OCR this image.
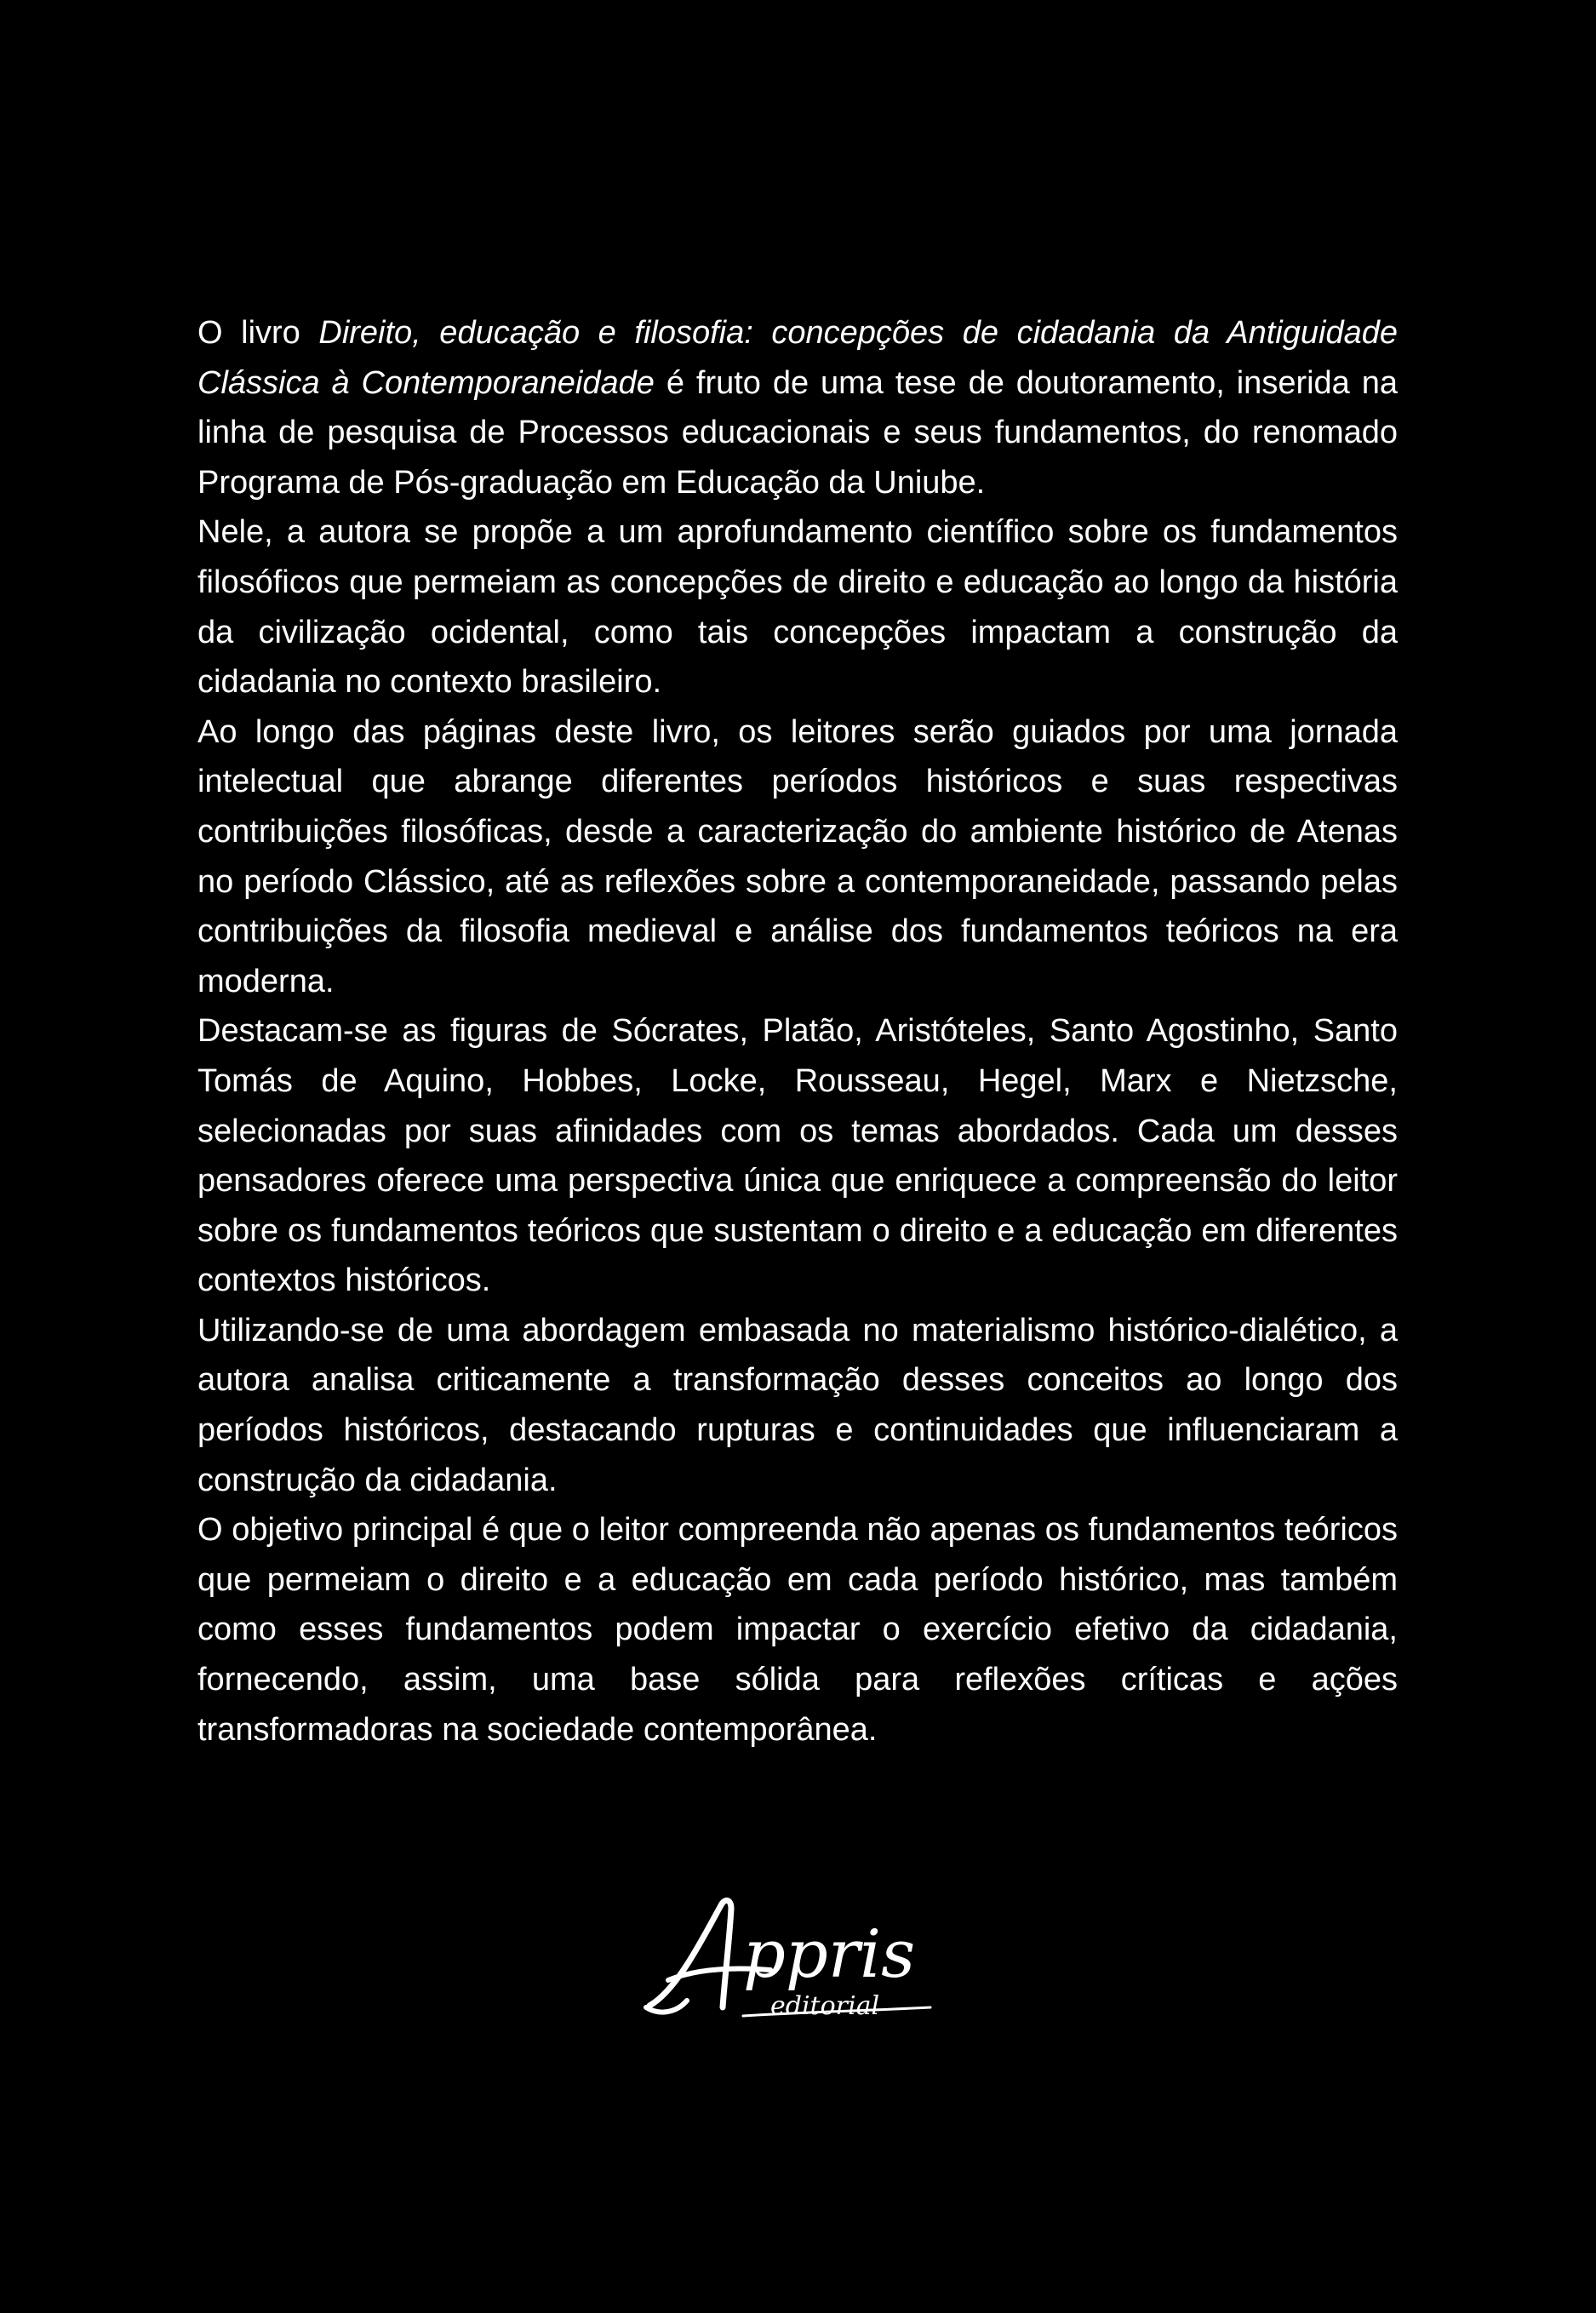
O livro Direito, educação e filosofia: concepções de cidadania da Antiguidade Clássica à Contemporaneidade é fruto de uma tese de doutoramento, inserida na linha de pesquisa de Processos educacionais e seus fundamentos, do renomado Programa de Pós-graduação em Educação da Uniube.

Nele, a autora se propõe a um aprofundamento científico sobre os fundamentos filosóficos que permeiam as concepções de direito e educação ao longo da história da civilização ocidental, como tais concepções impactam a construção da cidadania no contexto brasileiro.

Ao longo das páginas deste livro, os leitores serão guiados por uma jornada intelectual que abrange diferentes períodos históricos e suas respectivas contribuições filosóficas, desde a caracterização do ambiente histórico de Atenas no período Clássico, até as reflexões sobre a contemporaneidade, passando pelas contribuições da filosofia medieval e análise dos fundamentos teóricos na era moderna.

Destacam-se as figuras de Sócrates, Platão, Aristóteles, Santo Agostinho, Santo Tomás de Aquino, Hobbes, Locke, Rousseau, Hegel, Marx e Nietzsche, selecionadas por suas afinidades com os temas abordados. Cada um desses pensadores oferece uma perspectiva única que enriquece a compreensão do leitor sobre os fundamentos teóricos que sustentam o direito e a educação em diferentes contextos históricos.

Utilizando-se de uma abordagem embasada no materialismo histórico-dialético, a autora analisa criticamente a transformação desses conceitos ao longo dos períodos históricos, destacando rupturas e continuidades que influenciaram a construção da cidadania.

O objetivo principal é que o leitor compreenda não apenas os fundamentos teóricos que permeiam o direito e a educação em cada período histórico, mas também como esses fundamentos podem impactar o exercício efetivo da cidadania, fornecendo, assim, uma base sólida para reflexões críticas e ações transformadoras na sociedade contemporânea.

ppris
editorial
